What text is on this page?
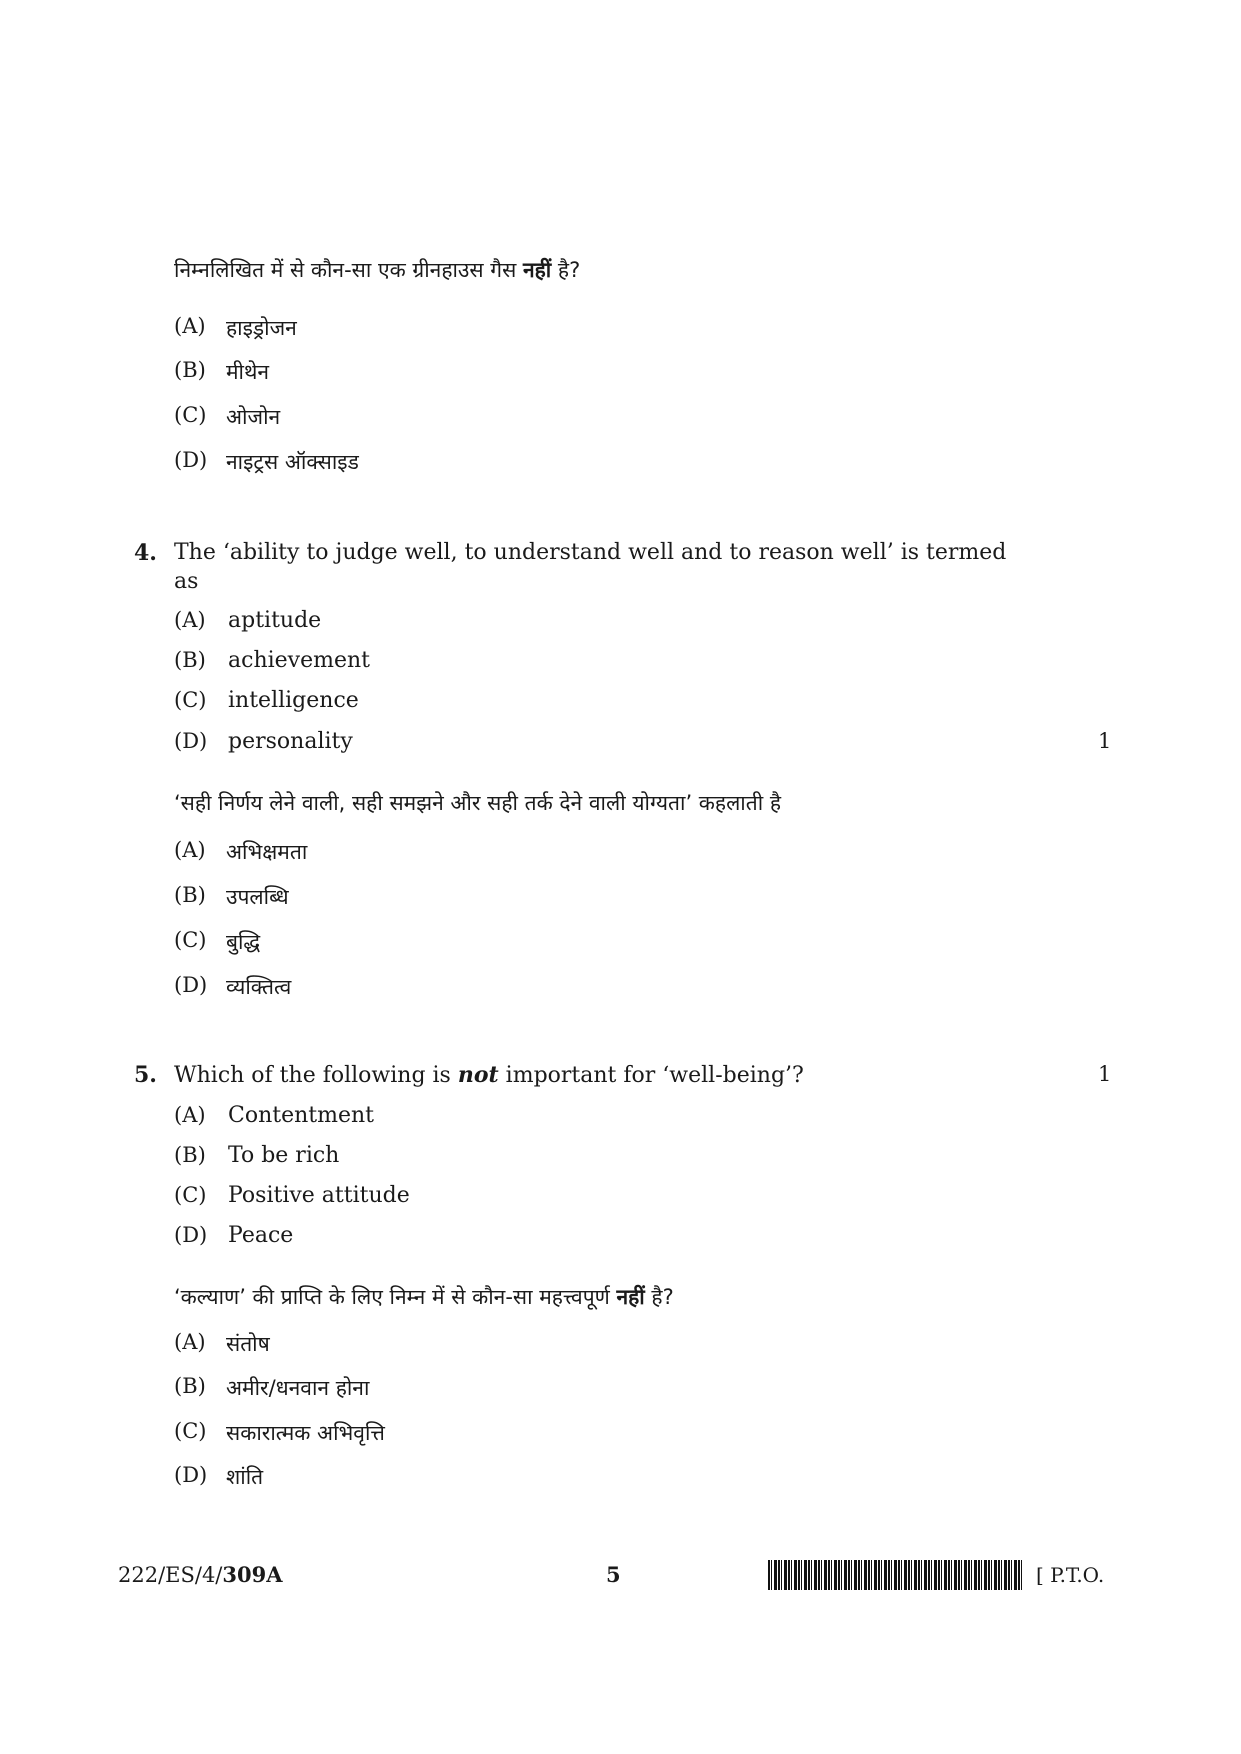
निम्नलिखित में से कौन-सा एक ग्रीनहाउस गैस नहीं है?
(A) हाइड्रोजन
(B) मीथेन
(C) ओजोन
(D) नाइट्रस ऑक्साइड
4. The ‘ability to judge well, to understand well and to reason well’ is termed
as
(A) aptitude
(B) achievement
(C) intelligence
(D) personality	1
‘सही निर्णय लेने वाली, सही समझने और सही तर्क देने वाली योग्यता’ कहलाती है
(A) अभिक्षमता
(B) उपलब्धि
(C) बुद्धि
(D) व्यक्तित्व
5. Which of the following is not important for ‘well-being’?	1
(A) Contentment
(B) To be rich
(C) Positive attitude
(D) Peace
‘कल्याण’ की प्राप्ति के लिए निम्न में से कौन-सा महत्त्वपूर्ण नहीं है?
(A) संतोष
(B) अमीर/धनवान होना
(C) सकारात्मक अभिवृत्ति
(D) शांति
222/ES/4/309A	5	[ P.T.O.
